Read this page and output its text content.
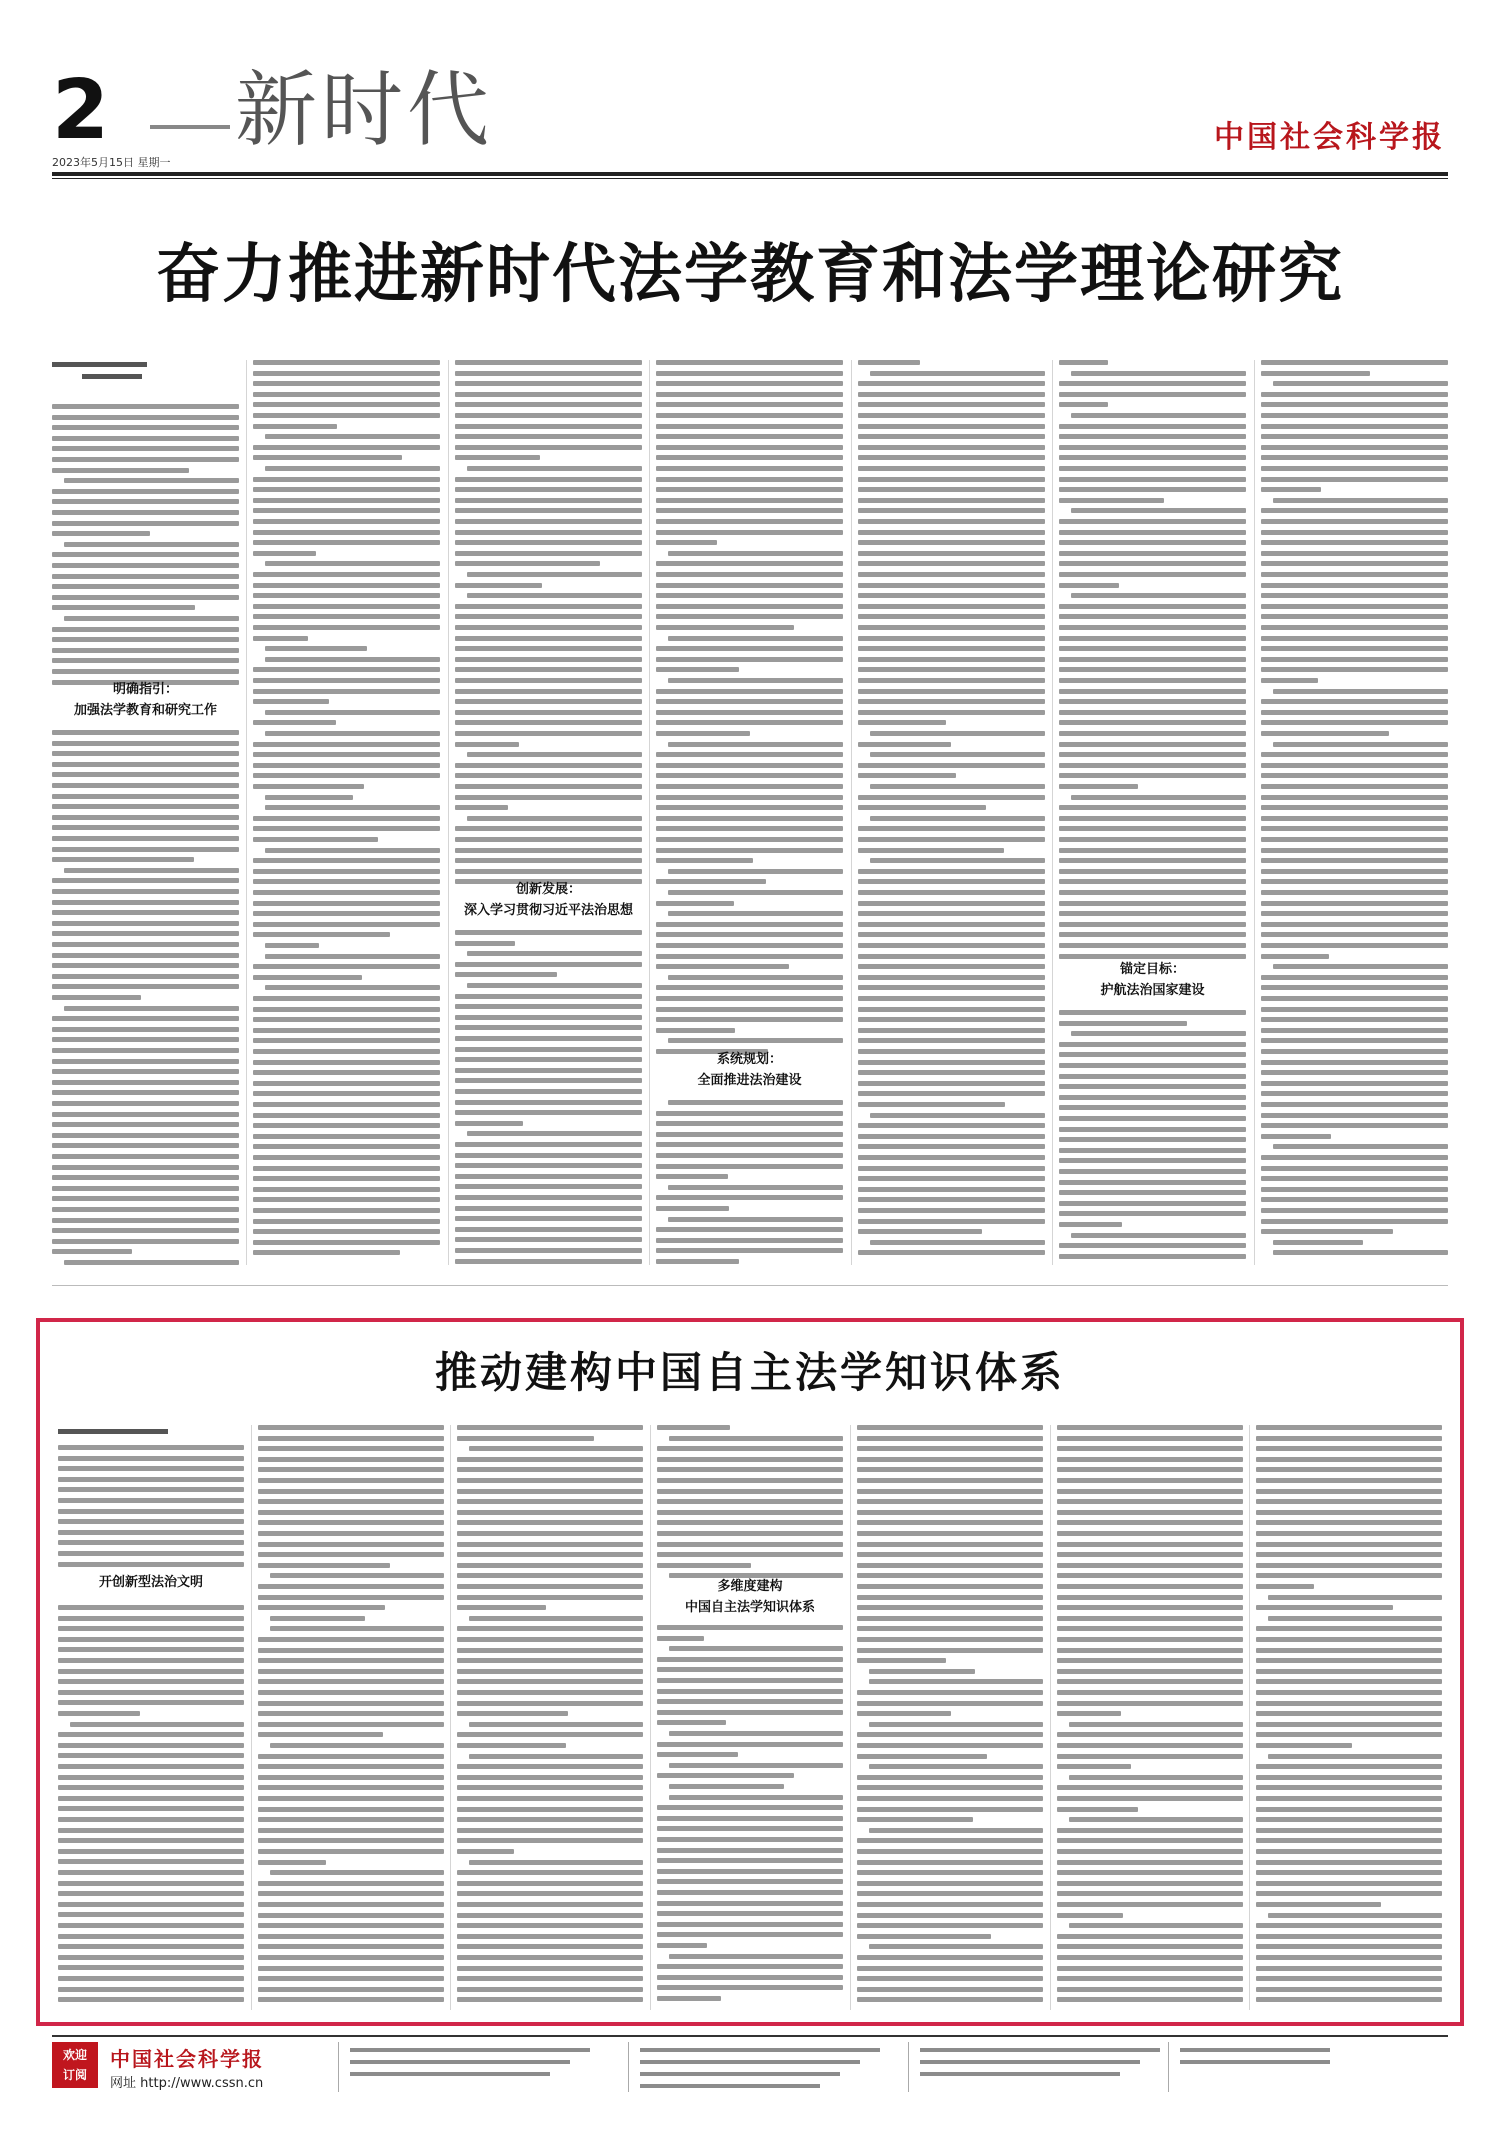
2
2023年5月15日 星期一
新时代	中国社会科学报
奋力推进新时代法学教育和法学理论研究
明确指引：
加强法学教育和研究工作
创新发展：
深入学习贯彻习近平法治思想
系统规划：
全面推进法治建设
锚定目标：
护航法治国家建设
推动建构中国自主法学知识体系
开创新型法治文明	多维度建构
中国自主法学知识体系
欢迎
订阅
中国社会科学报
网址 http://www.cssn.cn
